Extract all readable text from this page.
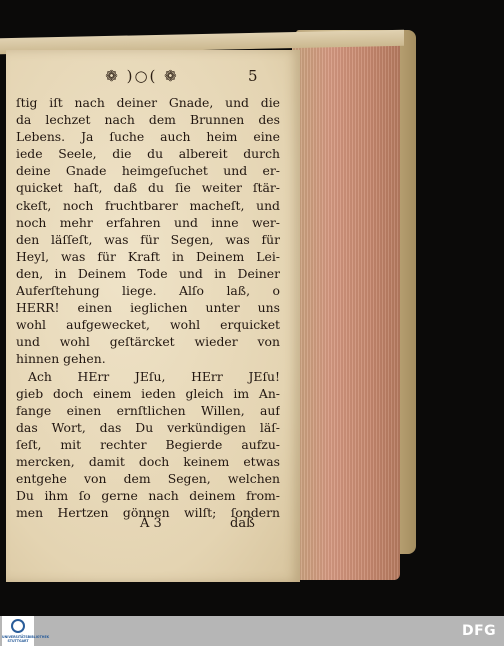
❁ )○( ❁	5
ſtig iſt nach deiner Gnade, und die
da lechzet nach dem Brunnen des
Lebens. Ja ſuche auch heim eine
iede Seele, die du albereit durch
deine Gnade heimgeſuchet und er-
quicket haſt, daß du ſie weiter ſtär-
ckeſt, noch fruchtbarer macheſt, und
noch mehr erfahren und inne wer-
den läſſeſt, was für Segen, was für
Heyl, was für Kraft in Deinem Lei-
den, in Deinem Tode und in Deiner
Auferſtehung liege. Alſo laß, o
HERR! einen ieglichen unter uns
wohl aufgewecket, wohl erquicket
und wohl geſtärcket wieder von
hinnen gehen.
Ach HErr JEſu, HErr JEſu!
gieb doch einem ieden gleich im An-
fange einen ernſtlichen Willen, auf
das Wort, das Du verkündigen läſ-
ſeſt, mit rechter Begierde aufzu-
mercken, damit doch keinem etwas
entgehe von dem Segen, welchen
Du ihm ſo gerne nach deinem from-
men Hertzen gönnen wilſt; ſondern
A 3	daß
UNIVERSITÄTSBIBLIOTHEK STUTTGART
DFG
